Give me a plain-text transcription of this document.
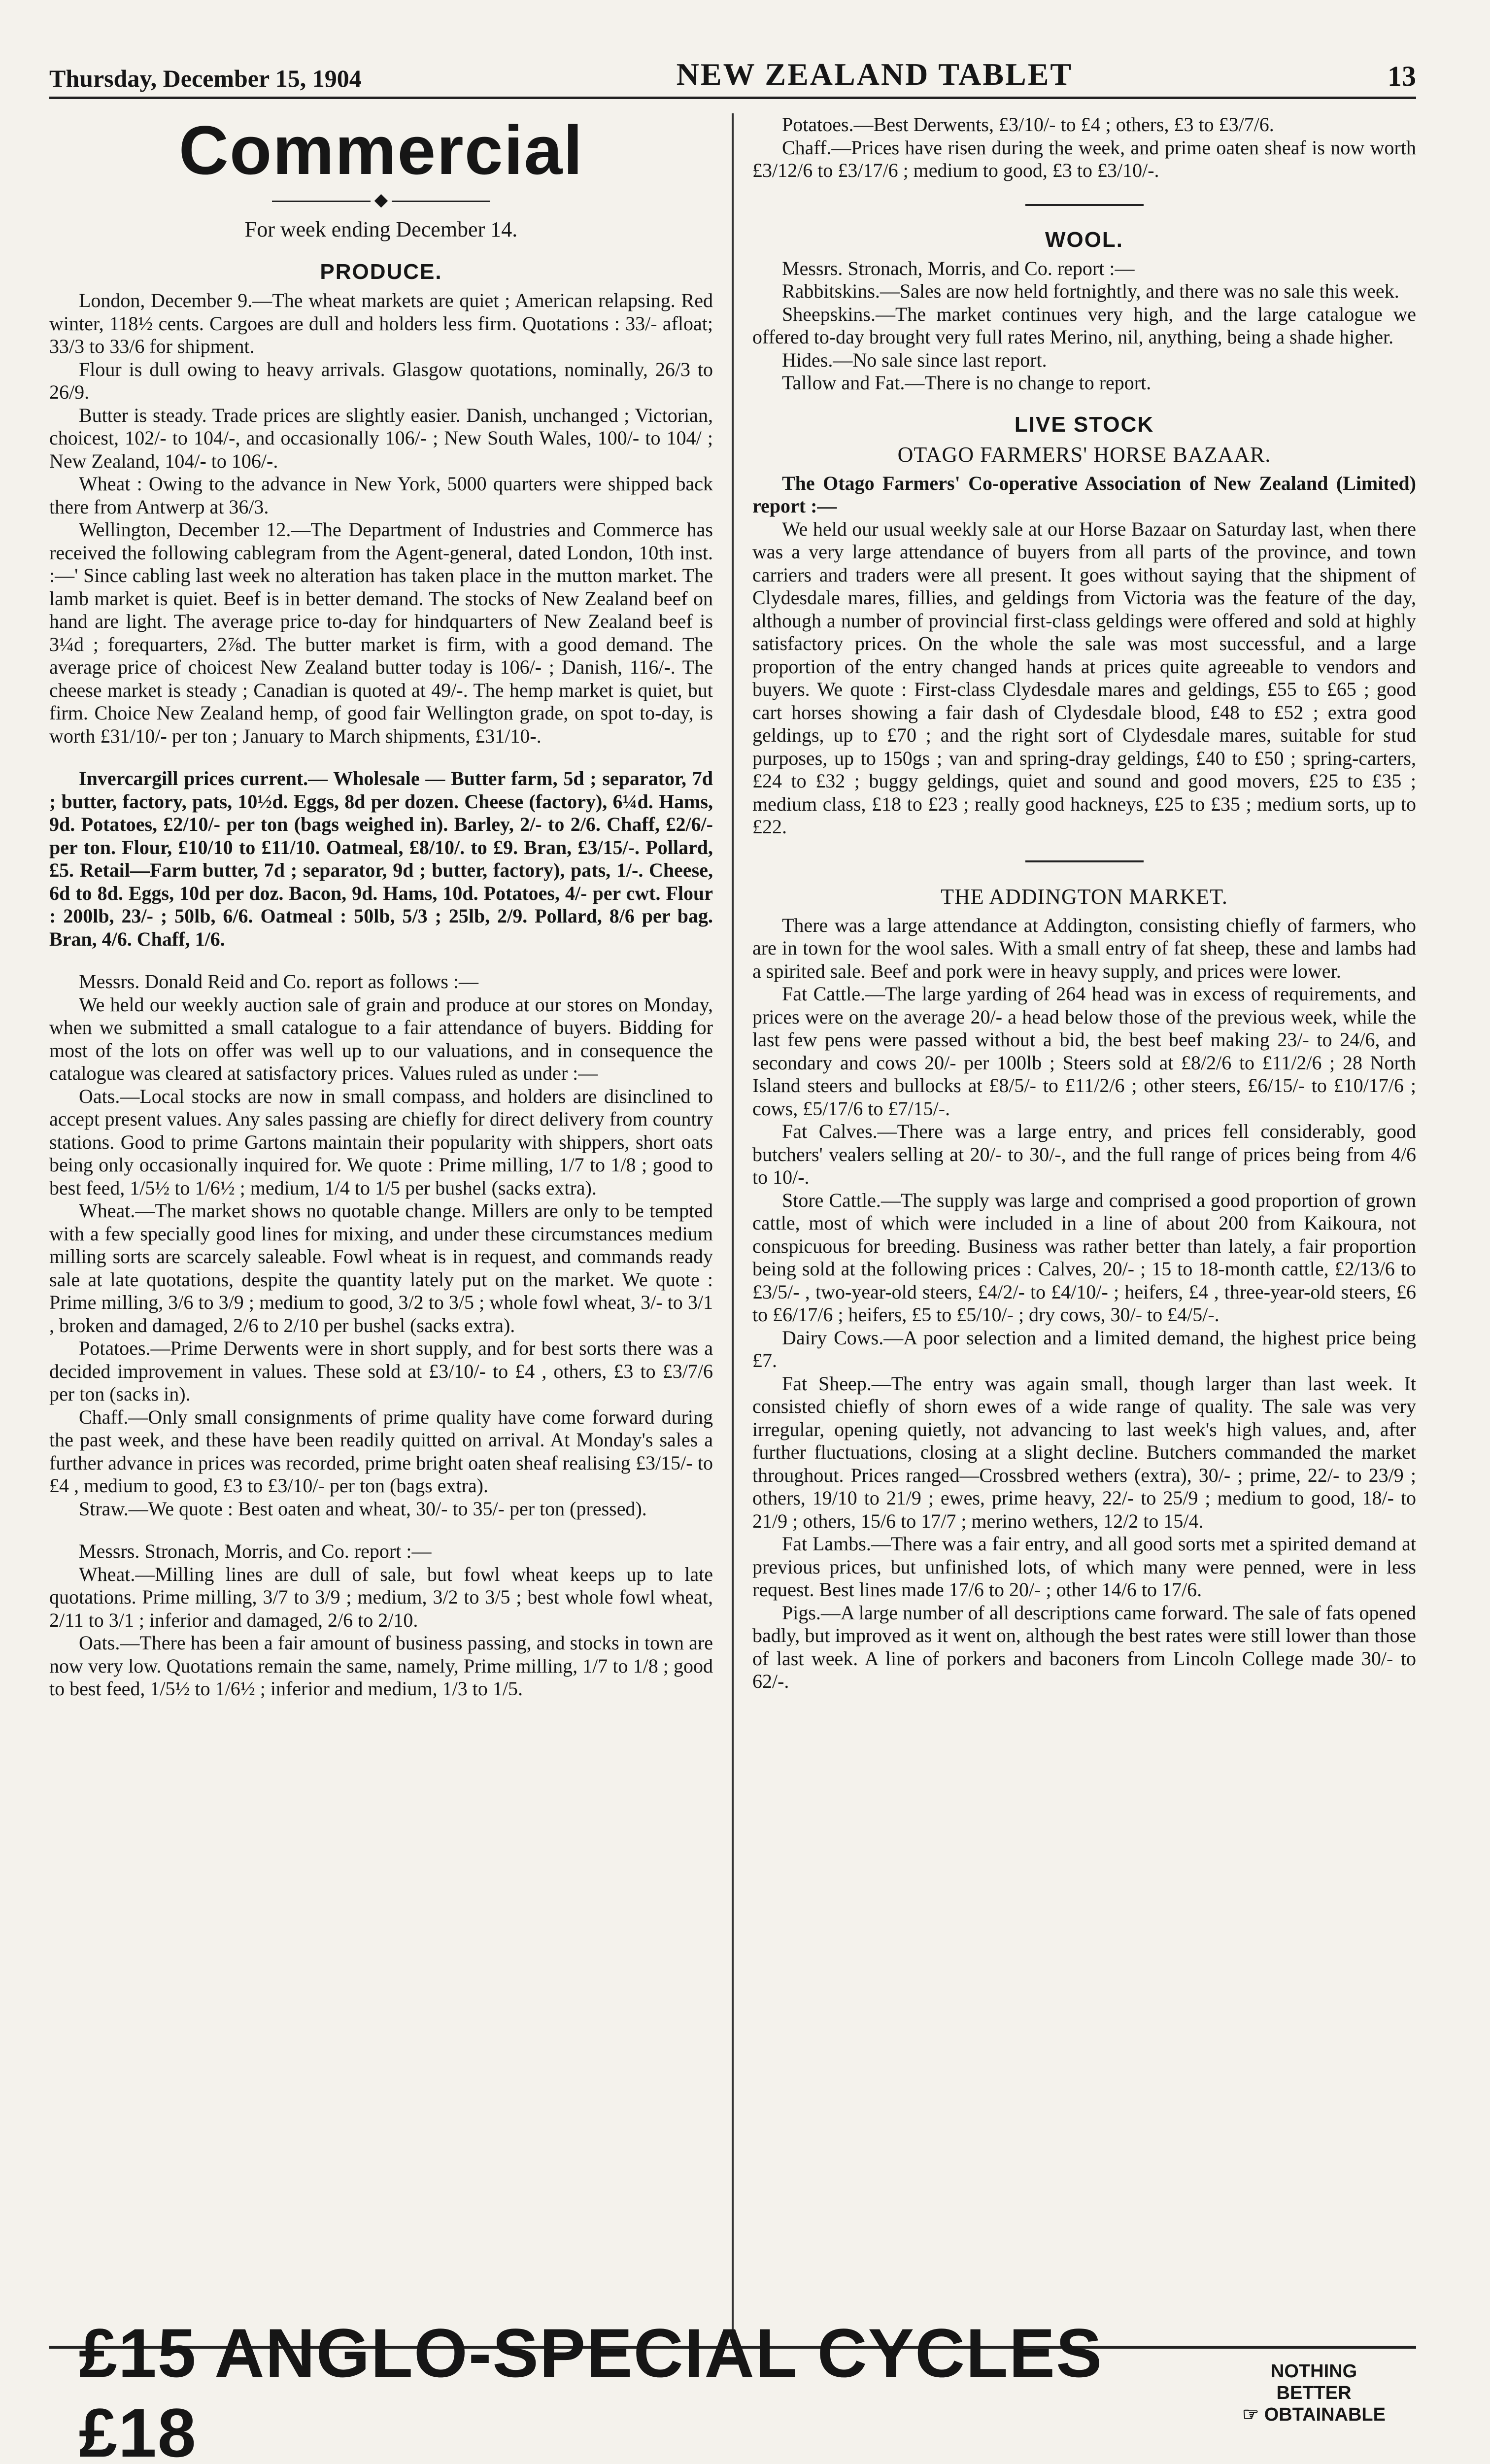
Thursday, December 15, 1904	NEW ZEALAND TABLET	13
Commercial
◆
For week ending December 14.
PRODUCE.

London, December 9.—The wheat markets are quiet ; American relapsing. Red winter, 118½ cents. Cargoes are dull and holders less firm. Quotations : 33/- afloat; 33/3 to 33/6 for shipment.

Flour is dull owing to heavy arrivals. Glasgow quotations, nominally, 26/3 to 26/9.

Butter is steady. Trade prices are slightly easier. Danish, unchanged ; Victorian, choicest, 102/- to 104/-, and occasionally 106/- ; New South Wales, 100/- to 104/ ; New Zealand, 104/- to 106/-.

Wheat : Owing to the advance in New York, 5000 quarters were shipped back there from Antwerp at 36/3.

Wellington, December 12.—The Department of Industries and Commerce has received the following cablegram from the Agent-general, dated London, 10th inst. :—' Since cabling last week no alteration has taken place in the mutton market. The lamb market is quiet. Beef is in better demand. The stocks of New Zealand beef on hand are light. The average price to-day for hindquarters of New Zealand beef is 3¼d ; forequarters, 2⅞d. The butter market is firm, with a good demand. The average price of choicest New Zealand butter today is 106/- ; Danish, 116/-. The cheese market is steady ; Canadian is quoted at 49/-. The hemp market is quiet, but firm. Choice New Zealand hemp, of good fair Wellington grade, on spot to-day, is worth £31/10/- per ton ; January to March shipments, £31/10-.

Invercargill prices current.— Wholesale — Butter farm, 5d ; separator, 7d ; butter, factory, pats, 10½d. Eggs, 8d per dozen. Cheese (factory), 6¼d. Hams, 9d. Potatoes, £2/10/- per ton (bags weighed in). Barley, 2/- to 2/6. Chaff, £2/6/- per ton. Flour, £10/10 to £11/10. Oatmeal, £8/10/. to £9. Bran, £3/15/-. Pollard, £5. Retail—Farm butter, 7d ; separator, 9d ; butter, factory), pats, 1/-. Cheese, 6d to 8d. Eggs, 10d per doz. Bacon, 9d. Hams, 10d. Potatoes, 4/- per cwt. Flour : 200lb, 23/- ; 50lb, 6/6. Oatmeal : 50lb, 5/3 ; 25lb, 2/9. Pollard, 8/6 per bag. Bran, 4/6. Chaff, 1/6.

Messrs. Donald Reid and Co. report as follows :—

We held our weekly auction sale of grain and produce at our stores on Monday, when we submitted a small catalogue to a fair attendance of buyers. Bidding for most of the lots on offer was well up to our valuations, and in consequence the catalogue was cleared at satisfactory prices. Values ruled as under :—

Oats.—Local stocks are now in small compass, and holders are disinclined to accept present values. Any sales passing are chiefly for direct delivery from country stations. Good to prime Gartons maintain their popularity with shippers, short oats being only occasionally inquired for. We quote : Prime milling, 1/7 to 1/8 ; good to best feed, 1/5½ to 1/6½ ; medium, 1/4 to 1/5 per bushel (sacks extra).

Wheat.—The market shows no quotable change. Millers are only to be tempted with a few specially good lines for mixing, and under these circumstances medium milling sorts are scarcely saleable. Fowl wheat is in request, and commands ready sale at late quotations, despite the quantity lately put on the market. We quote : Prime milling, 3/6 to 3/9 ; medium to good, 3/2 to 3/5 ; whole fowl wheat, 3/- to 3/1 , broken and damaged, 2/6 to 2/10 per bushel (sacks extra).

Potatoes.—Prime Derwents were in short supply, and for best sorts there was a decided improvement in values. These sold at £3/10/- to £4 , others, £3 to £3/7/6 per ton (sacks in).

Chaff.—Only small consignments of prime quality have come forward during the past week, and these have been readily quitted on arrival. At Monday's sales a further advance in prices was recorded, prime bright oaten sheaf realising £3/15/- to £4 , medium to good, £3 to £3/10/- per ton (bags extra).

Straw.—We quote : Best oaten and wheat, 30/- to 35/- per ton (pressed).

Messrs. Stronach, Morris, and Co. report :—

Wheat.—Milling lines are dull of sale, but fowl wheat keeps up to late quotations. Prime milling, 3/7 to 3/9 ; medium, 3/2 to 3/5 ; best whole fowl wheat, 2/11 to 3/1 ; inferior and damaged, 2/6 to 2/10.

Oats.—There has been a fair amount of business passing, and stocks in town are now very low. Quotations remain the same, namely, Prime milling, 1/7 to 1/8 ; good to best feed, 1/5½ to 1/6½ ; inferior and medium, 1/3 to 1/5.

Potatoes.—Best Derwents, £3/10/- to £4 ; others, £3 to £3/7/6.

Chaff.—Prices have risen during the week, and prime oaten sheaf is now worth £3/12/6 to £3/17/6 ; medium to good, £3 to £3/10/-.

WOOL.

Messrs. Stronach, Morris, and Co. report :—

Rabbitskins.—Sales are now held fortnightly, and there was no sale this week.

Sheepskins.—The market continues very high, and the large catalogue we offered to-day brought very full rates Merino, nil, anything, being a shade higher.

Hides.—No sale since last report.

Tallow and Fat.—There is no change to report.

LIVE STOCK
OTAGO FARMERS' HORSE BAZAAR.

The Otago Farmers' Co-operative Association of New Zealand (Limited) report :—

We held our usual weekly sale at our Horse Bazaar on Saturday last, when there was a very large attendance of buyers from all parts of the province, and town carriers and traders were all present. It goes without saying that the shipment of Clydesdale mares, fillies, and geldings from Victoria was the feature of the day, although a number of provincial first-class geldings were offered and sold at highly satisfactory prices. On the whole the sale was most successful, and a large proportion of the entry changed hands at prices quite agreeable to vendors and buyers. We quote : First-class Clydesdale mares and geldings, £55 to £65 ; good cart horses showing a fair dash of Clydesdale blood, £48 to £52 ; extra good geldings, up to £70 ; and the right sort of Clydesdale mares, suitable for stud purposes, up to 150gs ; van and spring-dray geldings, £40 to £50 ; spring-carters, £24 to £32 ; buggy geldings, quiet and sound and good movers, £25 to £35 ; medium class, £18 to £23 ; really good hackneys, £25 to £35 ; medium sorts, up to £22.

THE ADDINGTON MARKET.

There was a large attendance at Addington, consisting chiefly of farmers, who are in town for the wool sales. With a small entry of fat sheep, these and lambs had a spirited sale. Beef and pork were in heavy supply, and prices were lower.

Fat Cattle.—The large yarding of 264 head was in excess of requirements, and prices were on the average 20/- a head below those of the previous week, while the last few pens were passed without a bid, the best beef making 23/- to 24/6, and secondary and cows 20/- per 100lb ; Steers sold at £8/2/6 to £11/2/6 ; 28 North Island steers and bullocks at £8/5/- to £11/2/6 ; other steers, £6/15/- to £10/17/6 ; cows, £5/17/6 to £7/15/-.

Fat Calves.—There was a large entry, and prices fell considerably, good butchers' vealers selling at 20/- to 30/-, and the full range of prices being from 4/6 to 10/-.

Store Cattle.—The supply was large and comprised a good proportion of grown cattle, most of which were included in a line of about 200 from Kaikoura, not conspicuous for breeding. Business was rather better than lately, a fair proportion being sold at the following prices : Calves, 20/- ; 15 to 18-month cattle, £2/13/6 to £3/5/- , two-year-old steers, £4/2/- to £4/10/- ; heifers, £4 , three-year-old steers, £6 to £6/17/6 ; heifers, £5 to £5/10/- ; dry cows, 30/- to £4/5/-.

Dairy Cows.—A poor selection and a limited demand, the highest price being £7.

Fat Sheep.—The entry was again small, though larger than last week. It consisted chiefly of shorn ewes of a wide range of quality. The sale was very irregular, opening quietly, not advancing to last week's high values, and, after further fluctuations, closing at a slight decline. Butchers commanded the market throughout. Prices ranged—Crossbred wethers (extra), 30/- ; prime, 22/- to 23/9 ; others, 19/10 to 21/9 ; ewes, prime heavy, 22/- to 25/9 ; medium to good, 18/- to 21/9 ; others, 15/6 to 17/7 ; merino wethers, 12/2 to 15/4.

Fat Lambs.—There was a fair entry, and all good sorts met a spirited demand at previous prices, but unfinished lots, of which many were penned, were in less request. Best lines made 17/6 to 20/- ; other 14/6 to 17/6.

Pigs.—A large number of all descriptions came forward. The sale of fats opened badly, but improved as it went on, although the best rates were still lower than those of last week. A line of porkers and baconers from Lincoln College made 30/- to 62/-.

£15 ANGLO-SPECIAL CYCLES £18
NOTHING BETTER
☞ OBTAINABLE
